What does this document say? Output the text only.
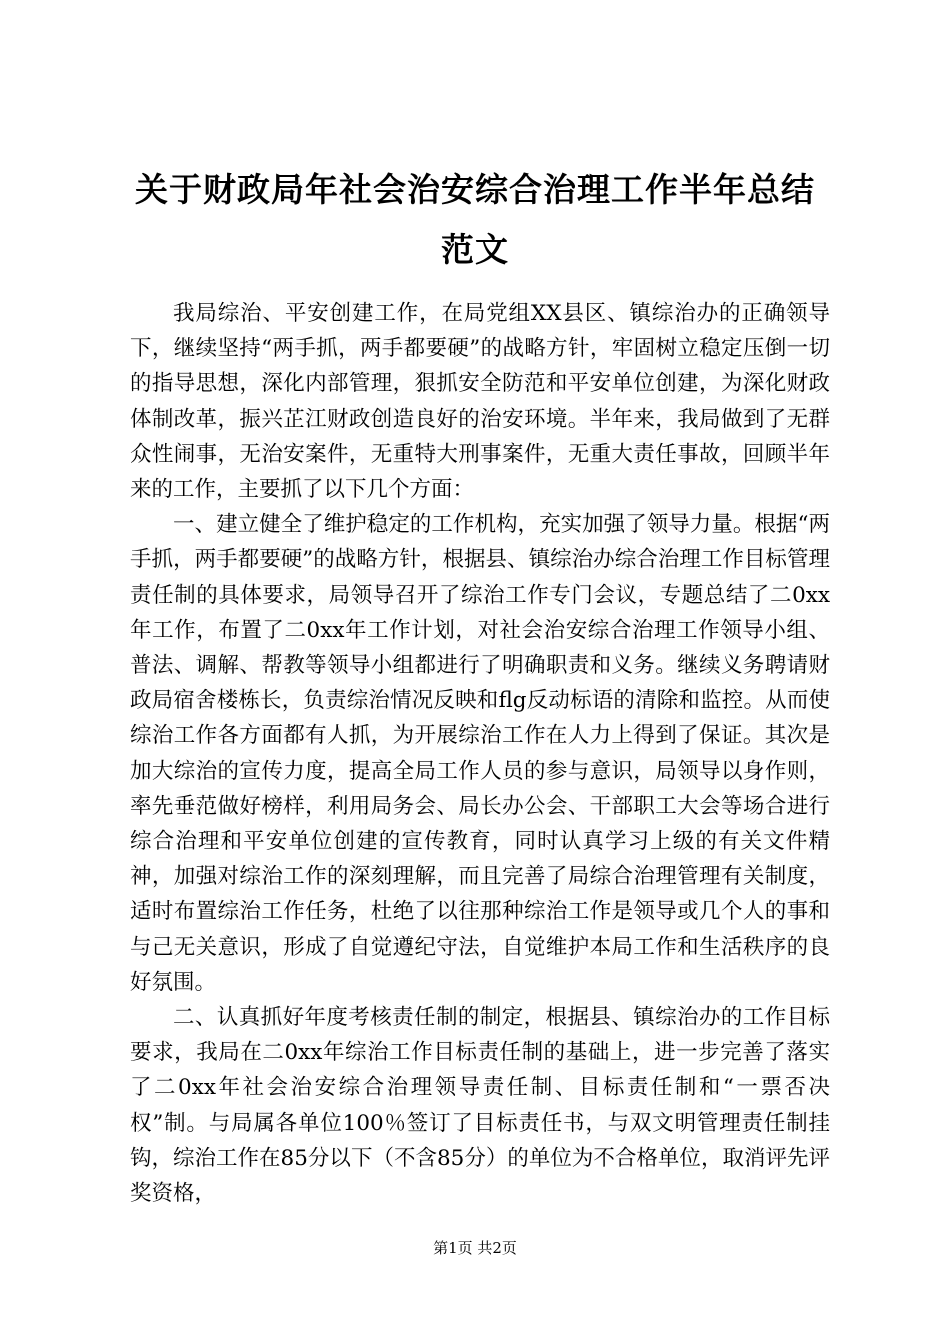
关于财政局年社会治安综合治理工作半年总结
范文

我局综治、平安创建工作，在局党组XX县区、镇综治办的正确领导下，继续坚持“两手抓，两手都要硬”的战略方针，牢固树立稳定压倒一切的指导思想，深化内部管理，狠抓安全防范和平安单位创建，为深化财政体制改革，振兴芷江财政创造良好的治安环境。半年来，我局做到了无群众性闹事，无治安案件，无重特大刑事案件，无重大责任事故，回顾半年来的工作，主要抓了以下几个方面：

一、建立健全了维护稳定的工作机构，充实加强了领导力量。根据“两手抓，两手都要硬”的战略方针，根据县、镇综治办综合治理工作目标管理责任制的具体要求，局领导召开了综治工作专门会议，专题总结了二0xx年工作，布置了二0xx年工作计划，对社会治安综合治理工作领导小组、普法、调解、帮教等领导小组都进行了明确职责和义务。继续义务聘请财政局宿舍楼栋长，负责综治情况反映和flg反动标语的清除和监控。从而使综治工作各方面都有人抓，为开展综治工作在人力上得到了保证。其次是加大综治的宣传力度，提高全局工作人员的参与意识，局领导以身作则，率先垂范做好榜样，利用局务会、局长办公会、干部职工大会等场合进行综合治理和平安单位创建的宣传教育，同时认真学习上级的有关文件精神，加强对综治工作的深刻理解，而且完善了局综合治理管理有关制度，适时布置综治工作任务，杜绝了以往那种综治工作是领导或几个人的事和与己无关意识，形成了自觉遵纪守法，自觉维护本局工作和生活秩序的良好氛围。

二、认真抓好年度考核责任制的制定，根据县、镇综治办的工作目标要求，我局在二0xx年综治工作目标责任制的基础上，进一步完善了落实了二0xx年社会治安综合治理领导责任制、目标责任制和“一票否决权”制。与局属各单位100％签订了目标责任书，与双文明管理责任制挂钩，综治工作在85分以下（不含85分）的单位为不合格单位，取消评先评奖资格，

第1页 共2页
